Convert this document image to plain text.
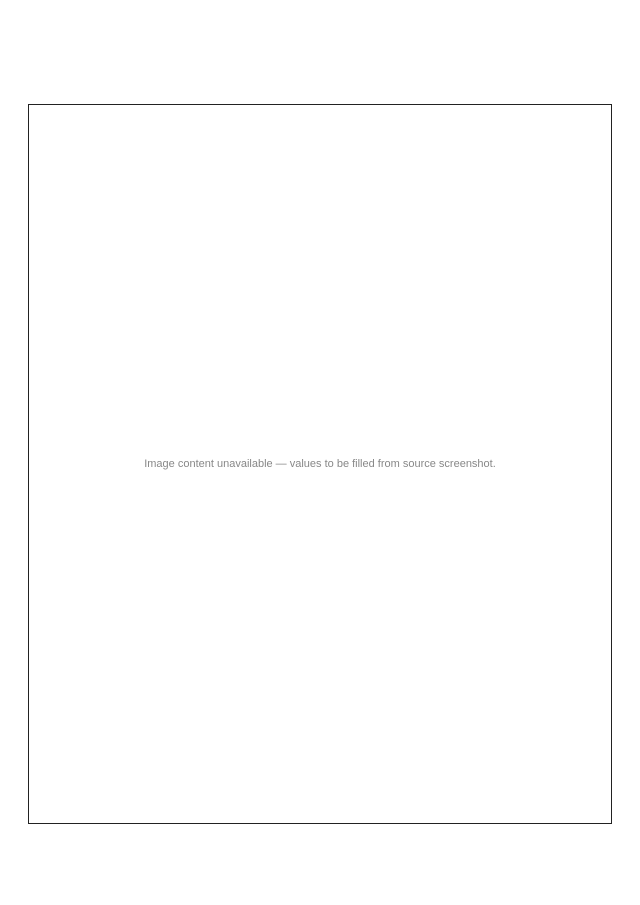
Image content unavailable — values to be filled from source screenshot.
